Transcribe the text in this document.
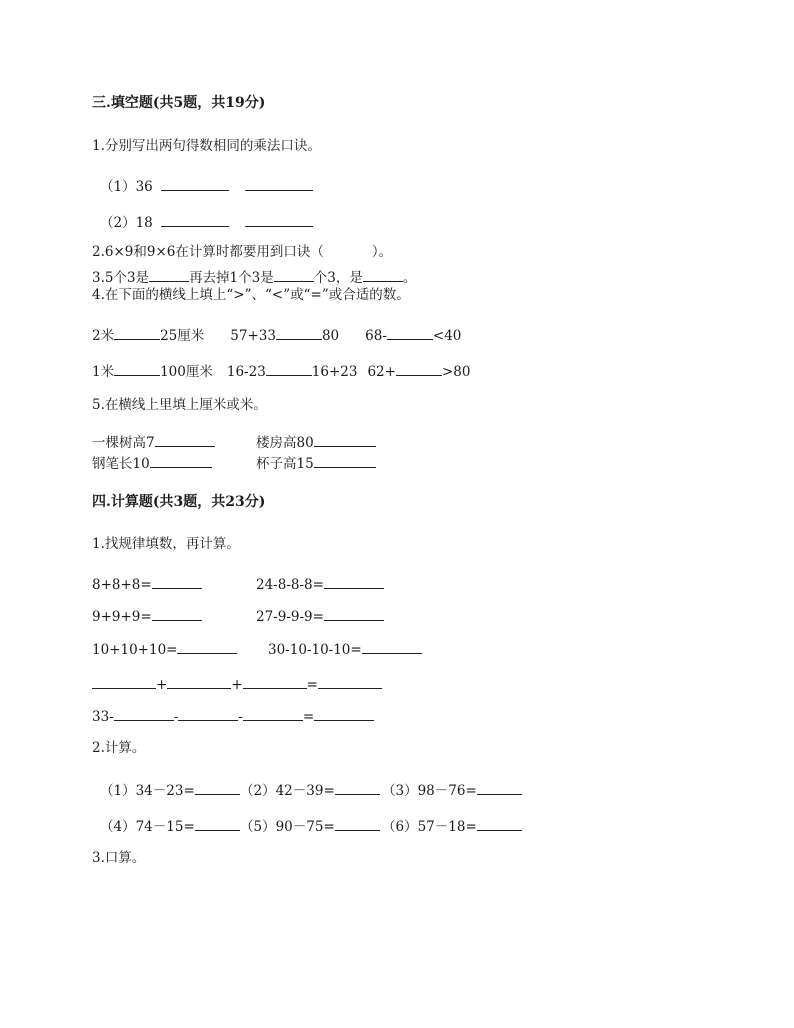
三.填空题(共5题，共19分)
1.分别写出两句得数相同的乘法口诀。
（1）36
（2）18
2.6×9和9×6在计算时都要用到口诀（	）。
3.5个3是	再去掉1个3是	个3，是	。
4.在下面的横线上填上“>”、“<”或“=”或合适的数。
2米	25厘米 57+33	80 68-	<40
1米	100厘米 16-23	16+23 62+	>80
5.在横线上里填上厘米或米。
一棵树高7	楼房高80
钢笔长10	杯子高15
四.计算题(共3题，共23分)
1.找规律填数，再计算。
8+8+8=	24-8-8-8=
9+9+9=	27-9-9-9=
10+10+10=	30-10-10-10=
+	+	=
33-	-	-	=
2.计算。
（1）34－23=	（2）42－39=	（3）98－76=
（4）74－15=	（5）90－75=	（6）57－18=
3.口算。
